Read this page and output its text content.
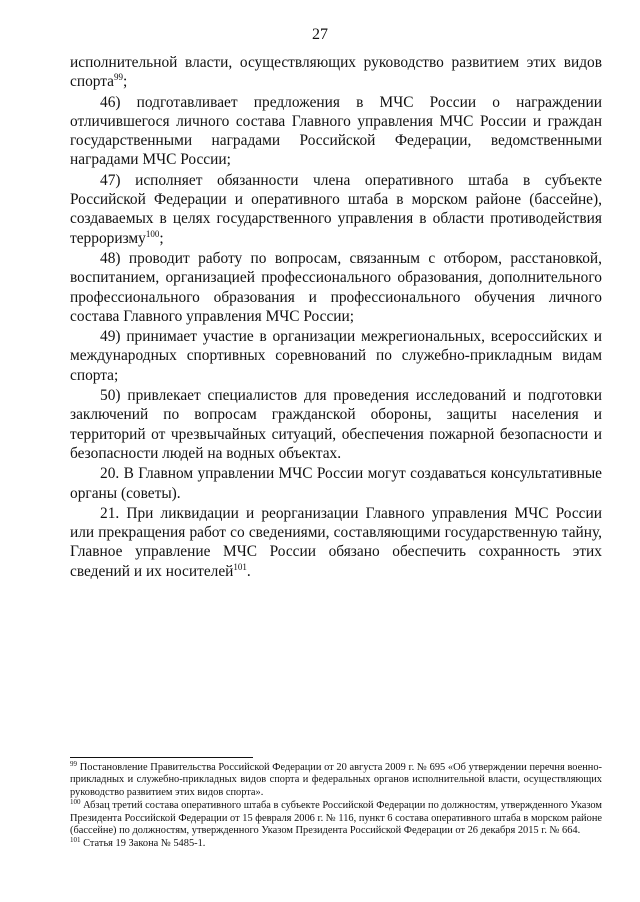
27

исполнительной власти, осуществляющих руководство развитием этих видов спорта$^{99}$;

46) подготавливает предложения в МЧС России о награждении отличившегося личного состава Главного управления МЧС России и граждан государственными наградами Российской Федерации, ведомственными наградами МЧС России;

47) исполняет обязанности члена оперативного штаба в субъекте Российской Федерации и оперативного штаба в морском районе (бассейне), создаваемых в целях государственного управления в области противодействия терроризму$^{100}$;

48) проводит работу по вопросам, связанным с отбором, расстановкой, воспитанием, организацией профессионального образования, дополнительного профессионального образования и профессионального обучения личного состава Главного управления МЧС России;

49) принимает участие в организации межрегиональных, всероссийских и международных спортивных соревнований по служебно-прикладным видам спорта;

50) привлекает специалистов для проведения исследований и подготовки заключений по вопросам гражданской обороны, защиты населения и территорий от чрезвычайных ситуаций, обеспечения пожарной безопасности и безопасности людей на водных объектах.

20. В Главном управлении МЧС России могут создаваться консультативные органы (советы).

21. При ликвидации и реорганизации Главного управления МЧС России или прекращения работ со сведениями, составляющими государственную тайну, Главное управление МЧС России обязано обеспечить сохранность этих сведений и их носителей$^{101}$.

$^{99}$ Постановление Правительства Российской Федерации от 20 августа 2009 г. № 695 «Об утверждении перечня военно-прикладных и служебно-прикладных видов спорта и федеральных органов исполнительной власти, осуществляющих руководство развитием этих видов спорта».

$^{100}$ Абзац третий состава оперативного штаба в субъекте Российской Федерации по должностям, утвержденного Указом Президента Российской Федерации от 15 февраля 2006 г. № 116, пункт 6 состава оперативного штаба в морском районе (бассейне) по должностям, утвержденного Указом Президента Российской Федерации от 26 декабря 2015 г. № 664.

$^{101}$ Статья 19 Закона № 5485-1.
